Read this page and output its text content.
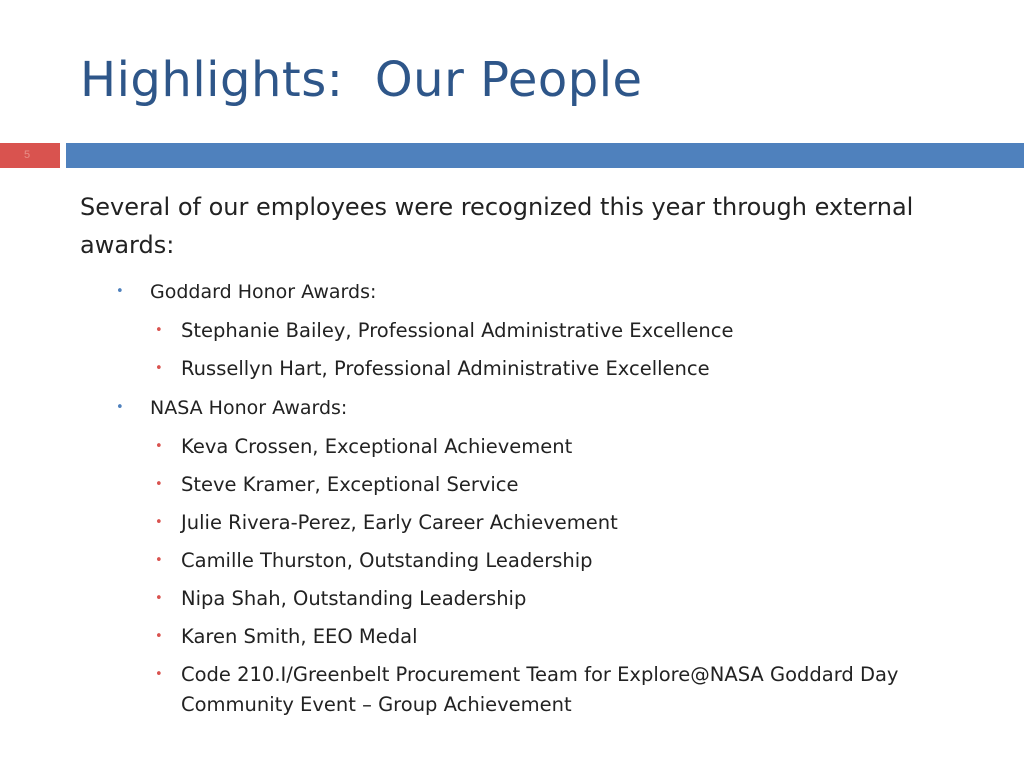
Highlights:  Our People
5

Several of our employees were recognized this year through external awards:

• Goddard Honor Awards:
• Stephanie Bailey, Professional Administrative Excellence
• Russellyn Hart, Professional Administrative Excellence
• NASA Honor Awards:
• Keva Crossen, Exceptional Achievement
• Steve Kramer, Exceptional Service
• Julie Rivera-Perez, Early Career Achievement
• Camille Thurston, Outstanding Leadership
• Nipa Shah, Outstanding Leadership
• Karen Smith, EEO Medal
• Code 210.I/Greenbelt Procurement Team for Explore@NASA Goddard Day Community Event – Group Achievement
